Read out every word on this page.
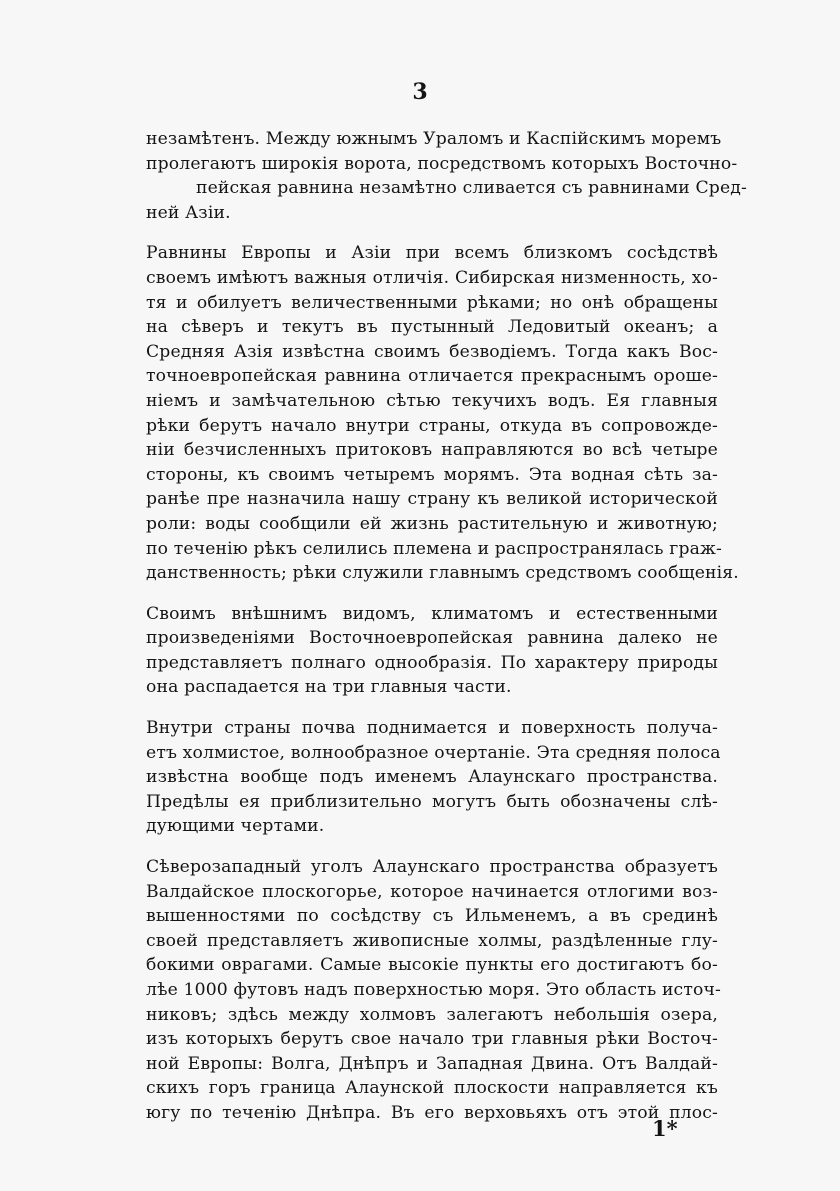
3
незамѣтенъ. Между южнымъ Ураломъ и Каспійскимъ моремъ
пролегаютъ широкія ворота, посредствомъ которыхъ Восточно-
пейская равнина незамѣтно сливается съ равнинами Сред-
ней Азіи.
Равнины Европы и Азіи при всемъ близкомъ сосѣдствѣ
своемъ имѣютъ важныя отличія. Сибирская низменность, хо-
тя и обилуетъ величественными рѣками; но онѣ обращены
на сѣверъ и текутъ въ пустынный Ледовитый океанъ; а
Средняя Азія извѣстна своимъ безводіемъ. Тогда какъ Вос-
точноевропейская равнина отличается прекраснымъ ороше-
ніемъ и замѣчательною сѣтью текучихъ водъ. Ея главныя
рѣки берутъ начало внутри страны, откуда въ сопровожде-
ніи безчисленныхъ притоковъ направляются во всѣ четыре
стороны, къ своимъ четыремъ морямъ. Эта водная сѣть за-
ранѣе пре назначила нашу страну къ великой исторической
роли: воды сообщили ей жизнь растительную и животную;
по теченію рѣкъ селились племена и распространялась граж-
данственность; рѣки служили главнымъ средствомъ сообщенія.
Своимъ внѣшнимъ видомъ, климатомъ и естественными
произведеніями Восточноевропейская равнина далеко не
представляетъ полнаго однообразія. По характеру природы
она распадается на три главныя части.
Внутри страны почва поднимается и поверхность получа-
етъ холмистое, волнообразное очертаніе. Эта средняя полоса
извѣстна вообще подъ именемъ Алаунскаго пространства.
Предѣлы ея приблизительно могутъ быть обозначены слѣ-
дующими чертами.
Сѣверозападный уголъ Алаунскаго пространства образуетъ
Валдайское плоскогорье, которое начинается отлогими воз-
вышенностями по сосѣдству съ Ильменемъ, а въ срединѣ
своей представляетъ живописные холмы, раздѣленные глу-
бокими оврагами. Самые высокіе пункты его достигаютъ бо-
лѣе 1000 футовъ надъ поверхностью моря. Это область источ-
никовъ; здѣсь между холмовъ залегаютъ небольшія озера,
изъ которыхъ берутъ свое начало три главныя рѣки Восточ-
ной Европы: Волга, Днѣпръ и Западная Двина. Отъ Валдай-
скихъ горъ граница Алаунской плоскости направляется къ
югу по теченію Днѣпра. Въ его верховьяхъ отъ этой плос-
1*
